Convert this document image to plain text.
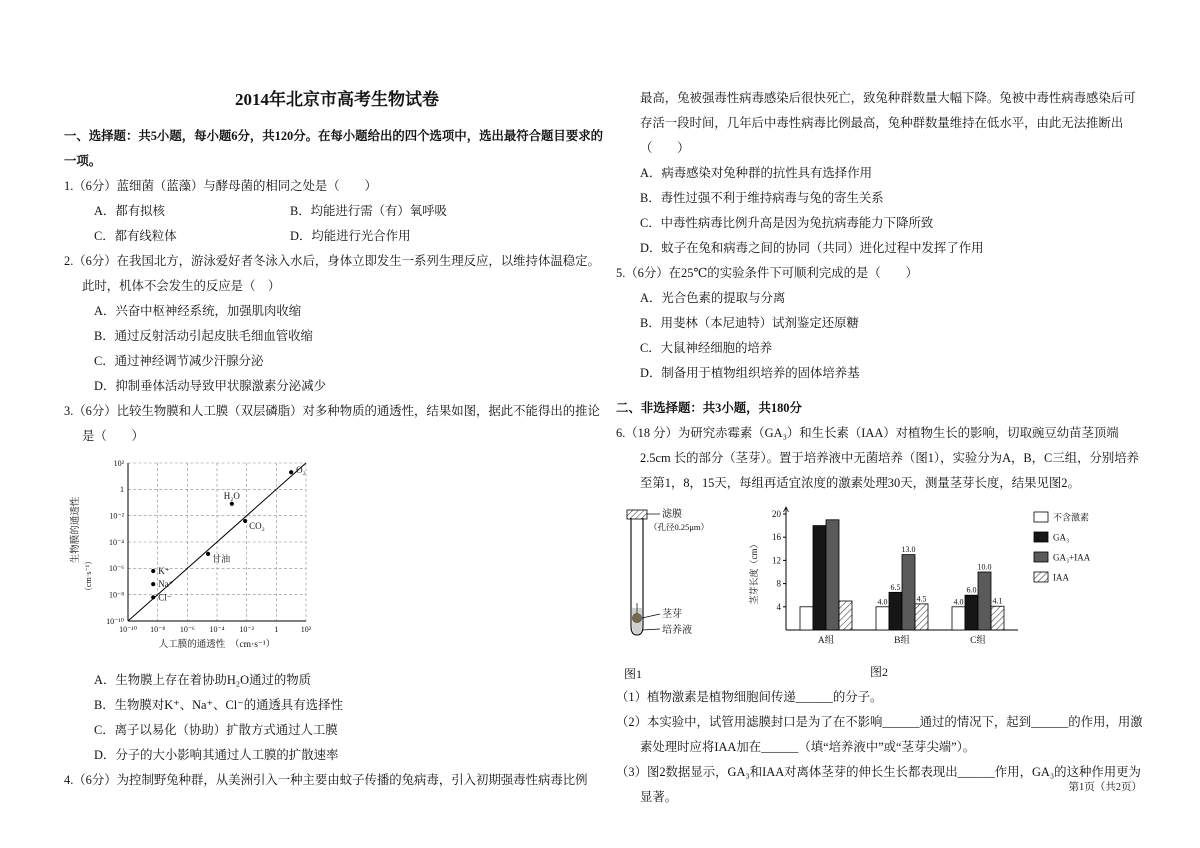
2014年北京市高考生物试卷
一、选择题：共5小题，每小题6分，共120分。在每小题给出的四个选项中，选出最符合题目要求的一项。
1.（6分）蓝细菌（蓝藻）与酵母菌的相同之处是（　　）
A．都有拟核	B．均能进行需（有）氧呼吸
C．都有线粒体	D．均能进行光合作用
2.（6分）在我国北方，游泳爱好者冬泳入水后，身体立即发生一系列生理反应，以维持体温稳定。此时，机体不会发生的反应是（　）
A．兴奋中枢神经系统，加强肌肉收缩
B．通过反射活动引起皮肤毛细血管收缩
C．通过神经调节减少汗腺分泌
D．抑制垂体活动导致甲状腺激素分泌减少
3.（6分）比较生物膜和人工膜（双层磷脂）对多种物质的通透性，结果如图，据此不能得出的推论是（　　）
10⁻¹⁰ 10⁻⁸ 10⁻⁶ 10⁻⁴ 10⁻²	1	10²
10²
1
10⁻²
10⁻⁴
10⁻⁶
10⁻⁸
10⁻¹⁰
O₂
H₂O
CO₂
甘油
K⁺
Na⁺
Cl⁻
人工膜的通透性　（cm·s⁻¹）
生物膜的通透性
（cm·s⁻¹）
A．生物膜上存在着协助H₂O通过的物质
B．生物膜对K⁺、Na⁺、Cl⁻的通透具有选择性
C．离子以易化（协助）扩散方式通过人工膜
D．分子的大小影响其通过人工膜的扩散速率
4.（6分）为控制野兔种群，从美洲引入一种主要由蚊子传播的兔病毒，引入初期强毒性病毒比例
最高，兔被强毒性病毒感染后很快死亡，致兔种群数量大幅下降。兔被中毒性病毒感染后可存活一段时间，几年后中毒性病毒比例最高，兔种群数量维持在低水平，由此无法推断出（　　）
A．病毒感染对兔种群的抗性具有选择作用
B．毒性过强不利于维持病毒与兔的寄生关系
C．中毒性病毒比例升高是因为兔抗病毒能力下降所致
D．蚊子在兔和病毒之间的协同（共同）进化过程中发挥了作用
5.（6分）在25℃的实验条件下可顺利完成的是（　　）
A．光合色素的提取与分离
B．用斐林（本尼迪特）试剂鉴定还原糖
C．大鼠神经细胞的培养
D．制备用于植物组织培养的固体培养基
二、非选择题：共3小题，共180分
6.（18 分）为研究赤霉素（GA₃）和生长素（IAA）对植物生长的影响，切取豌豆幼苗茎顶端 2.5cm 长的部分（茎芽）。置于培养液中无菌培养（图1），实验分为A，B，C三组，分别培养至第1，8，15天，每组再适宜浓度的激素处理30天，测量茎芽长度，结果见图2。
滤膜
（孔径0.25μm）
茎芽
培养液
图1
4
8
12
16
20
A组
4.0
6.5
13.0
4.5
B组
4.0
6.0
10.0
4.1
C组
不含激素
GA₃
GA₃+IAA
IAA
茎芽长度（cm）
图2
（1）植物激素是植物细胞间传递______的分子。
（2）本实验中，试管用滤膜封口是为了在不影响______通过的情况下，起到______的作用，用激素处理时应将IAA加在______（填“培养液中”或“茎芽尖端”）。
（3）图2数据显示，GA₃和IAA对离体茎芽的伸长生长都表现出______作用，GA₃的这种作用更为显著。
第1页（共2页）
